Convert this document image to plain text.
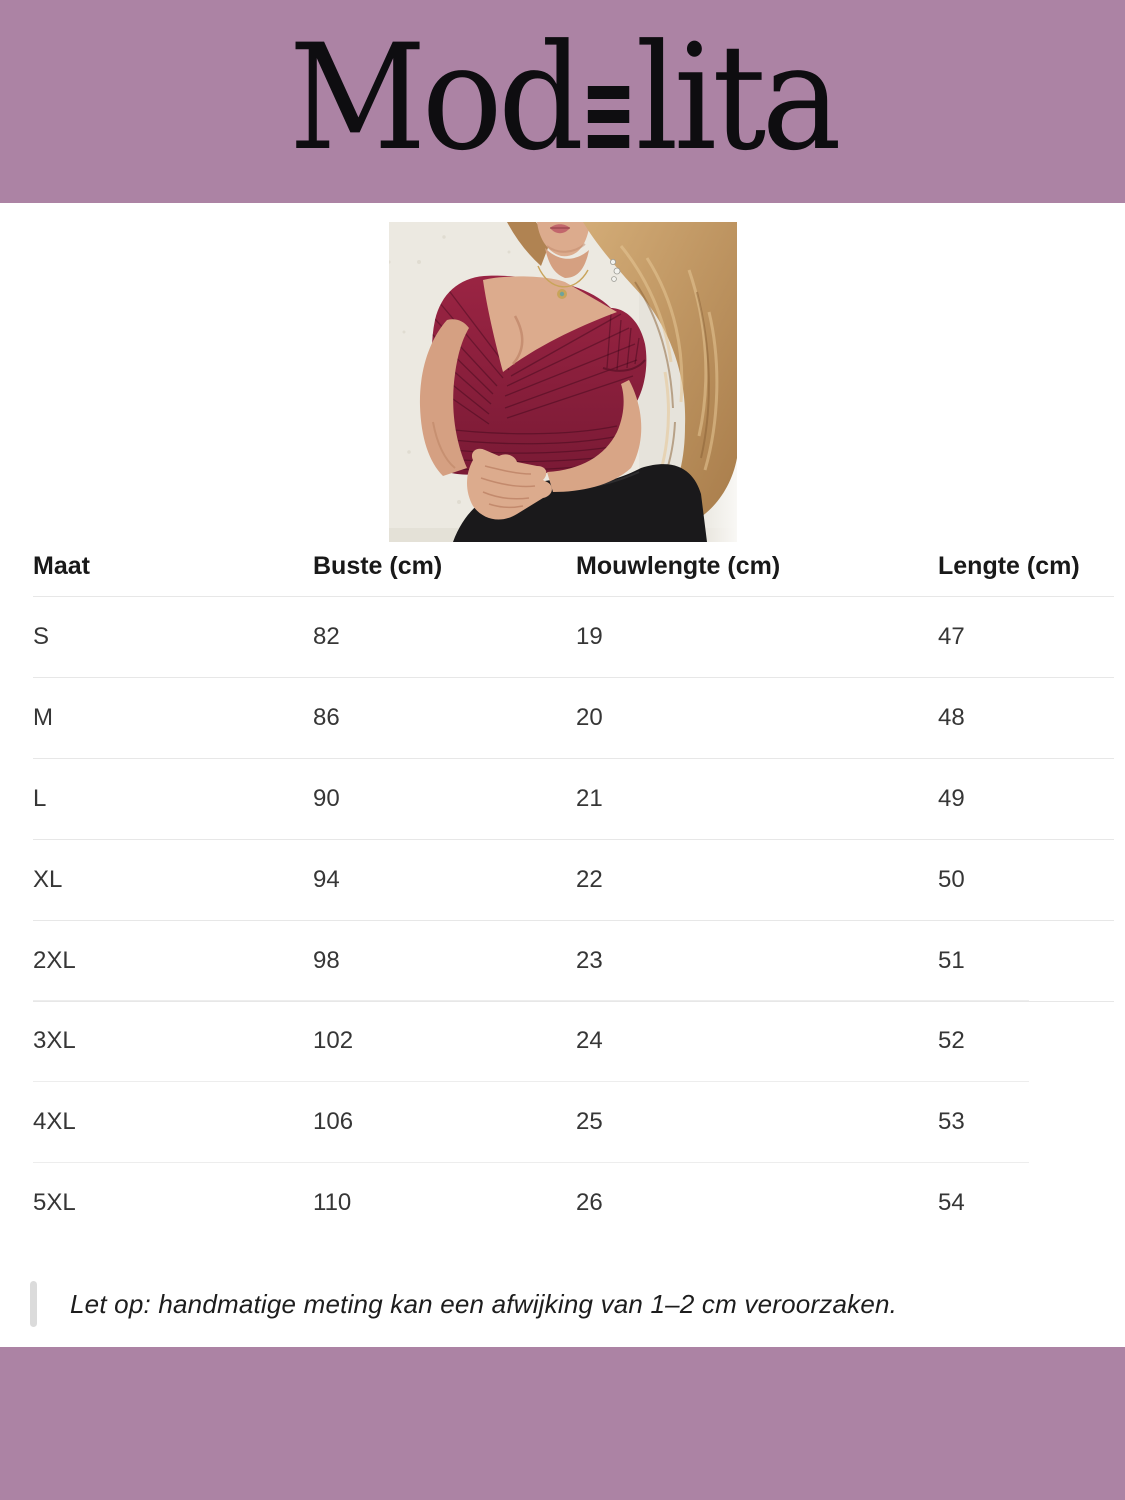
Mod lita
Maat	Buste (cm)	Mouwlengte (cm)	Lengte (cm)
S	82	19	47
M	86	20	48
L	90	21	49
XL	94	22	50
2XL	98	23	51
3XL	102	24	52
4XL	106	25	53
5XL	110	26	54
Let op: handmatige meting kan een afwijking van 1–2 cm veroorzaken.
